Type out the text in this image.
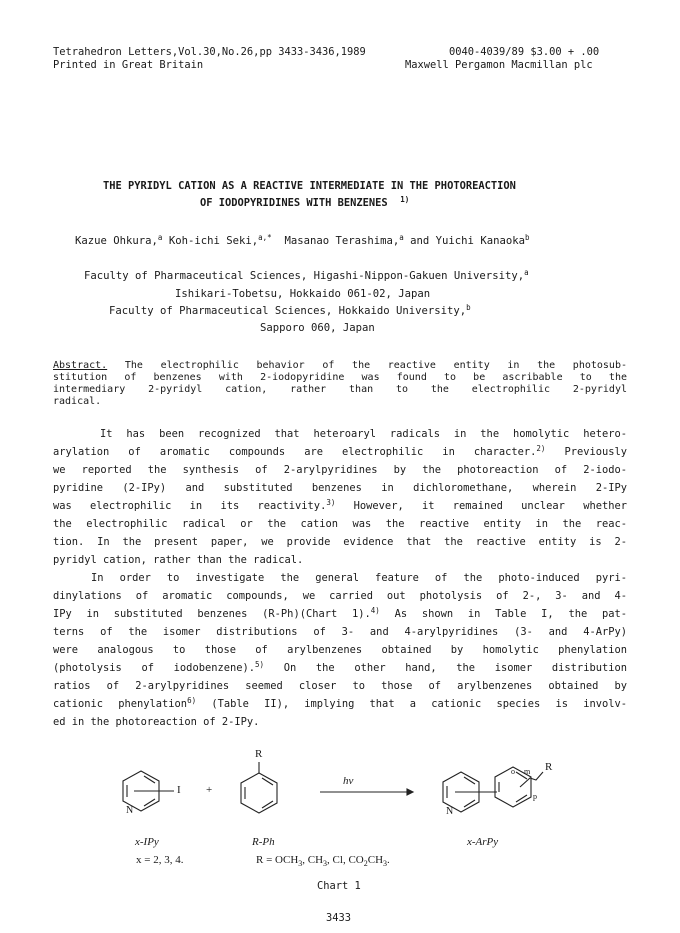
Tetrahedron Letters,Vol.30,No.26,pp 3433-3436,1989	0040-4039/89 $3.00 + .00
Printed in Great Britain	Maxwell Pergamon Macmillan plc
THE PYRIDYL CATION AS A REACTIVE INTERMEDIATE IN THE PHOTOREACTION
OF IODOPYRIDINES WITH BENZENES $^{1)}$
Kazue Ohkura,$^a$ Koh-ichi Seki,$^{a,*}$ Masanao Terashima,$^a$ and Yuichi Kanaoka$^b$
Faculty of Pharmaceutical Sciences, Higashi-Nippon-Gakuen University,$^a$
Ishikari-Tobetsu, Hokkaido 061-02, Japan
Faculty of Pharmaceutical Sciences, Hokkaido University,$^b$
Sapporo 060, Japan
Abstract. The electrophilic behavior of the reactive entity in the photosub-
stitution of benzenes with 2-iodopyridine was found to be ascribable to the
intermediary 2-pyridyl cation, rather than to the electrophilic 2-pyridyl
radical.
It has been recognized that heteroaryl radicals in the homolytic hetero-
arylation of aromatic compounds are electrophilic in character.$^{2)}$ Previously
we reported the synthesis of 2-arylpyridines by the photoreaction of 2-iodo-
pyridine (2-IPy) and substituted benzenes in dichloromethane, wherein 2-IPy
was electrophilic in its reactivity.$^{3)}$ However, it remained unclear whether
the electrophilic radical or the cation was the reactive entity in the reac-
tion. In the present paper, we provide evidence that the reactive entity is 2-
pyridyl cation, rather than the radical.
In order to investigate the general feature of the photo-induced pyri-
dinylations of aromatic compounds, we carried out photolysis of 2-, 3- and 4-
IPy in substituted benzenes (R-Ph)(Chart 1).$^{4)}$ As shown in Table I, the pat-
terns of the isomer distributions of 3- and 4-arylpyridines (3- and 4-ArPy)
were analogous to those of arylbenzenes obtained by homolytic phenylation
(photolysis of iodobenzene).$^{5)}$ On the other hand, the isomer distribution
ratios of 2-arylpyridines seemed closer to those of arylbenzenes obtained by
cationic phenylation$^{6)}$ (Table II), implying that a cationic species is involv-
ed in the photoreaction of 2-IPy.
I
N
+
R
hν
N
R
o m
p
x-IPy	R-Ph	x-ArPy
x = 2, 3, 4.	$R = OCH_3$, $CH_3$, Cl, $CO_2CH_3$.
Chart 1
3433
